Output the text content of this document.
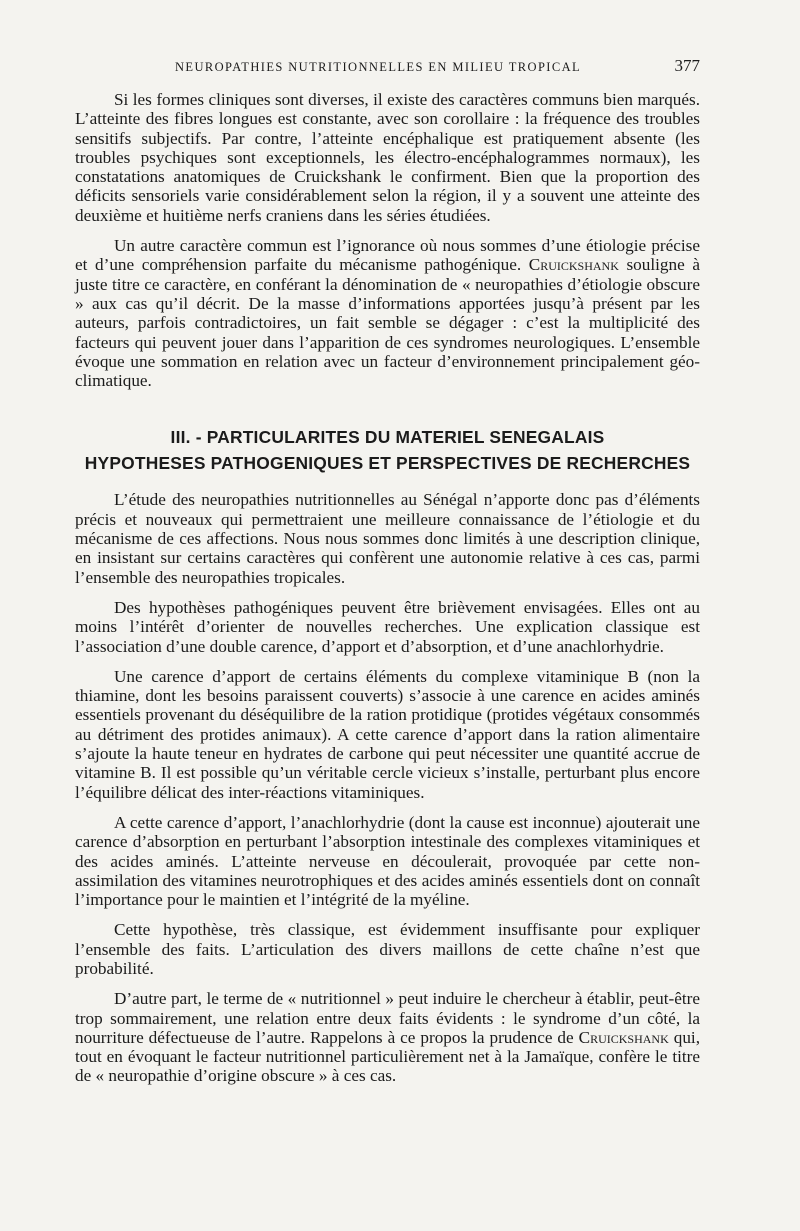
NEUROPATHIES NUTRITIONNELLES EN MILIEU TROPICAL	377

Si les formes cliniques sont diverses, il existe des caractères communs bien marqués. L’atteinte des fibres longues est constante, avec son corollaire : la fréquence des troubles sensitifs subjectifs. Par contre, l’atteinte encéphalique est pratiquement absente (les troubles psychiques sont exceptionnels, les électro-encéphalogrammes normaux), les constatations anatomiques de Cruickshank le confirment. Bien que la proportion des déficits sensoriels varie considérablement selon la région, il y a souvent une atteinte des deuxième et huitième nerfs craniens dans les séries étudiées.

Un autre caractère commun est l’ignorance où nous sommes d’une étiologie précise et d’une compréhension parfaite du mécanisme pathogénique. Cruickshank souligne à juste titre ce caractère, en conférant la dénomination de « neuropathies d’étiologie obscure » aux cas qu’il décrit. De la masse d’informations apportées jusqu’à présent par les auteurs, parfois contradictoires, un fait semble se dégager : c’est la multiplicité des facteurs qui peuvent jouer dans l’apparition de ces syndromes neurologiques. L’ensemble évoque une sommation en relation avec un facteur d’environnement principalement géo-climatique.

III. - PARTICULARITES DU MATERIEL SENEGALAIS
HYPOTHESES PATHOGENIQUES ET PERSPECTIVES DE RECHERCHES

L’étude des neuropathies nutritionnelles au Sénégal n’apporte donc pas d’éléments précis et nouveaux qui permettraient une meilleure connaissance de l’étiologie et du mécanisme de ces affections. Nous nous sommes donc limités à une description clinique, en insistant sur certains caractères qui confèrent une autonomie relative à ces cas, parmi l’ensemble des neuropathies tropicales.

Des hypothèses pathogéniques peuvent être brièvement envisagées. Elles ont au moins l’intérêt d’orienter de nouvelles recherches. Une explication classique est l’association d’une double carence, d’apport et d’absorption, et d’une anachlorhydrie.

Une carence d’apport de certains éléments du complexe vitaminique B (non la thiamine, dont les besoins paraissent couverts) s’associe à une carence en acides aminés essentiels provenant du déséquilibre de la ration protidique (protides végétaux consommés au détriment des protides animaux). A cette carence d’apport dans la ration alimentaire s’ajoute la haute teneur en hydrates de carbone qui peut nécessiter une quantité accrue de vitamine B. Il est possible qu’un véritable cercle vicieux s’installe, perturbant plus encore l’équilibre délicat des inter-réactions vitaminiques.

A cette carence d’apport, l’anachlorhydrie (dont la cause est inconnue) ajouterait une carence d’absorption en perturbant l’absorption intestinale des complexes vitaminiques et des acides aminés. L’atteinte nerveuse en découlerait, provoquée par cette non-assimilation des vitamines neurotrophiques et des acides aminés essentiels dont on connaît l’importance pour le maintien et l’intégrité de la myéline.

Cette hypothèse, très classique, est évidemment insuffisante pour expliquer l’ensemble des faits. L’articulation des divers maillons de cette chaîne n’est que probabilité.

D’autre part, le terme de « nutritionnel » peut induire le chercheur à établir, peut-être trop sommairement, une relation entre deux faits évidents : le syndrome d’un côté, la nourriture défectueuse de l’autre. Rappelons à ce propos la prudence de Cruickshank qui, tout en évoquant le facteur nutritionnel particulièrement net à la Jamaïque, confère le titre de « neuropathie d’origine obscure » à ces cas.
